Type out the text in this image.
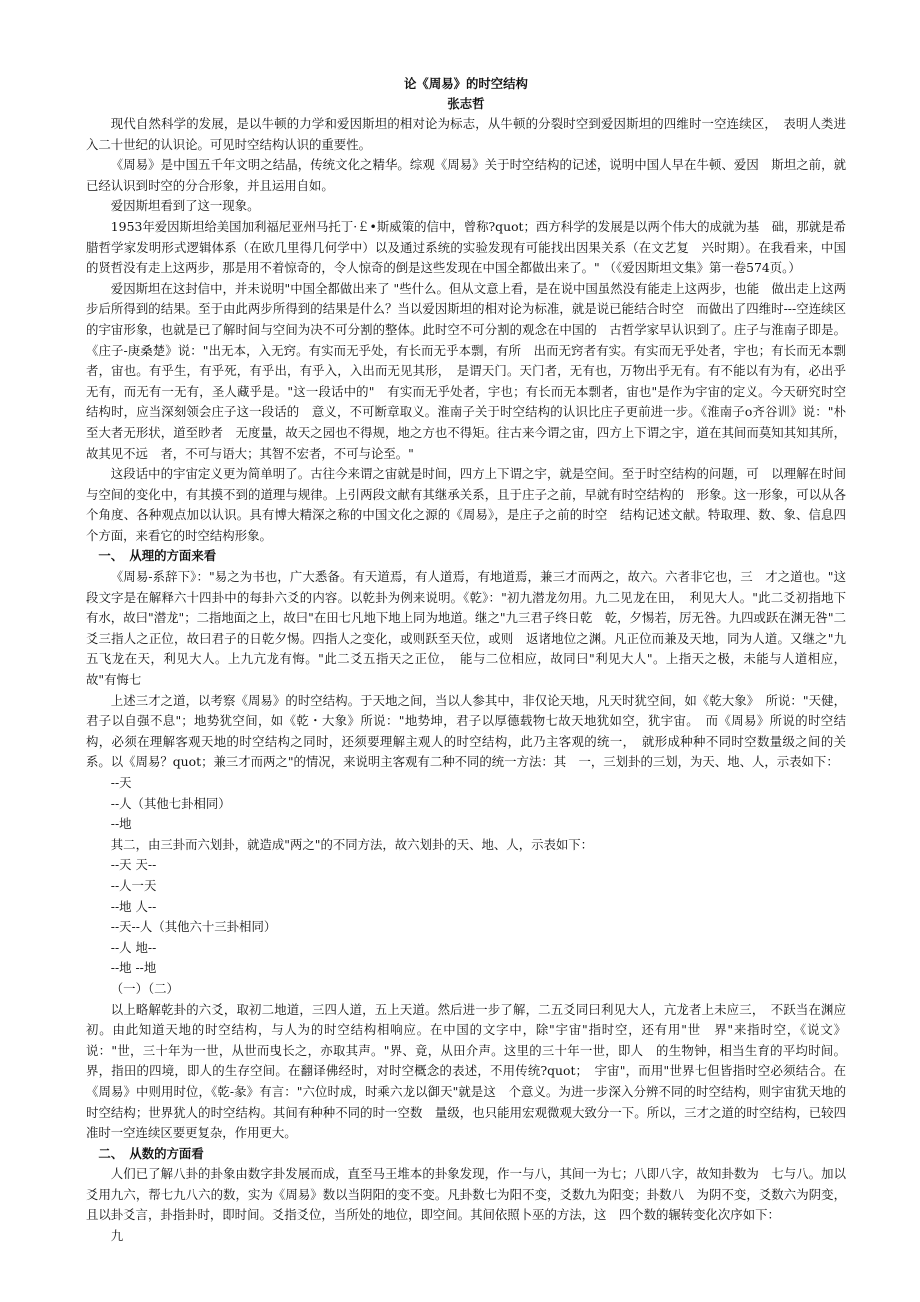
论《周易》的时空结构
张志哲

现代自然科学的发展，是以牛顿的力学和爱因斯坦的相对论为标志，从牛顿的分裂时空到爱因斯坦的四维时一空连续区，　表明人类进入二十世纪的认识论。可见时空结构认识的重要性。

《周易》是中国五千年文明之结晶，传统文化之精华。综观《周易》关于时空结构的记述，说明中国人早在牛顿、爱因　斯坦之前，就已经认识到时空的分合形象，并且运用自如。

爱因斯坦看到了这一现象。

1953年爱因斯坦给美国加利福尼亚州马托丁·￡•斯威策的信中，曾称?quot；西方科学的发展是以两个伟大的成就为基　础，那就是希腊哲学家发明形式逻辑体系（在欧几里得几何学中）以及通过系统的实验发现有可能找出因果关系（在文艺复　兴时期）。在我看来，中国的贤哲没有走上这两步，那是用不着惊奇的，令人惊奇的倒是这些发现在中国全都做出来了。" （《爱因斯坦文集》第一卷574页。）

爱因斯坦在这封信中，并未说明"中国全都做出来了 "些什么。但从文意上看，是在说中国虽然没有能走上这两步，也能　做出走上这两步后所得到的结果。至于由此两步所得到的结果是什么？当以爱因斯坦的相对论为标准，就是说已能结合时空　而做出了四维时---空连续区的宇宙形象，也就是已了解时间与空间为决不可分割的整体。此时空不可分割的观念在中国的　古哲学家早认识到了。庄子与淮南子即是。《庄子-庚桑楚》说："出无本，入无窍。有实而无乎处，有长而无乎本剽，有所　出而无窍者有实。有实而无乎处者，宇也；有长而无本剽者，宙也。有乎生，有乎死，有乎出，有乎入，入出而无见其形，　是谓天门。天门者，无有也，万物出乎无有。有不能以有为有，必出乎无有，而无有一无有，圣人藏乎是。"这一段话中的"　有实而无乎处者，宇也；有长而无本剽者，宙也"是作为宇宙的定义。今天研究时空结构时，应当深刻领会庄子这一段话的　意义，不可断章取义。淮南子关于时空结构的认识比庄子更前进一步。《淮南子o齐谷训》说："朴至大者无形状，道至眇者　无度量，故天之园也不得规，地之方也不得矩。往古来今谓之宙，四方上下谓之宇，道在其间而莫知其知其所，故其见不远　者，不可与语大；其智不宏者，不可与论至。"

这段话中的宇宙定义更为简单明了。古往今来谓之宙就是时间，四方上下谓之宇，就是空间。至于时空结构的问题，可　以理解在时间与空间的变化中，有其摸不到的道理与规律。上引两段文献有其继承关系，且于庄子之前，早就有时空结构的　形象。这一形象，可以从各个角度、各种观点加以认识。具有博大精深之称的中国文化之源的《周易》，是庄子之前的时空　结构记述文献。特取理、数、象、信息四个方面，来看它的时空结构形象。

一、　从理的方面来看

《周易-系辞下》："易之为书也，广大悉备。有天道焉，有人道焉，有地道焉，兼三才而两之，故六。六者非它也，三　才之道也。"这段文字是在解释六十四卦中的每卦六爻的内容。以乾卦为例来说明。《乾》："初九潜龙勿用。九二见龙在田，　利见大人。"此二爻初指地下有水，故曰"潜龙"；二指地面之上，故曰"在田七凡地下地上同为地道。继之"九三君子终日乾　乾，夕惕若，厉无咎。九四或跃在渊无咎"二爻三指人之正位，故曰君子的日乾夕惕。四指人之变化，或则跃至天位，或则　返诸地位之渊。凡正位而兼及天地，同为人道。又继之"九五飞龙在天，利见大人。上九亢龙有悔。"此二爻五指天之正位，　能与二位相应，故同曰"利见大人"。上指天之极，未能与人道相应，故"有悔七

上述三才之道，以考察《周易》的时空结构。于天地之间，当以人参其中，非仅论天地，凡天时犹空间，如《乾大象》　所说："天健，君子以自强不息"；地势犹空间，如《乾・大象》所说："地势坤，君子以厚德载物七故天地犹如空，犹宇宙。　而《周易》所说的时空结构，必须在理解客观天地的时空结构之同时，还须要理解主观人的时空结构，此乃主客观的统一，　就形成种种不同时空数量级之间的关系。以《周易？quot；兼三才而两之"的情况，来说明主客观有二种不同的统一方法：其　一，三划卦的三划，为天、地、人，示表如下：

--天
--人（其他七卦相同）
--地

其二，由三卦而六划卦，就造成"两之"的不同方法，故六划卦的天、地、人，示表如下：

--天 天--
--人一天
--地 人--
--天--人（其他六十三卦相同）
--人 地--
--地 --地
（一）（二）

以上略解乾卦的六爻，取初二地道，三四人道，五上天道。然后进一步了解，二五爻同曰利见大人，亢龙者上未应三，　不跃当在渊应初。由此知道天地的时空结构，与人为的时空结构相响应。在中国的文字中，除"宇宙"指时空，还有用"世　界"来指时空，《说文》说："世，三十年为一世，从世而曳长之，亦取其声。"界、竟，从田介声。这里的三十年一世，即人　的生物钟，相当生育的平均时间。界，指田的四境，即人的生存空间。在翻译佛经时，对时空概念的表述，不用传统?quot；　宇宙"，而用"世界七但皆指时空必须结合。在《周易》中则用时位，《乾-彖》有言："六位时成，时乘六龙以御天"就是这　个意义。为进一步深入分辨不同的时空结构，则宇宙犹天地的时空结构；世界犹人的时空结构。其间有种种不同的时一空数　量级，也只能用宏观微观大致分一下。所以，三才之道的时空结构，已较四准时一空连续区要更复杂，作用更大。

二、　从数的方面看

人们已了解八卦的卦象由数字卦发展而成，直至马王堆本的卦象发现，作一与八，其间一为七；八即八字，故知卦数为　七与八。加以爻用九六，帮七九八六的数，实为《周易》数以当阴阳的变不变。凡卦数七为阳不变，爻数九为阳变；卦数八　为阴不变，爻数六为阴变，且以卦爻言，卦指卦时，即时间。爻指爻位，当所处的地位，即空间。其间依照卜巫的方法，这　四个数的辗转变化次序如下：

九
